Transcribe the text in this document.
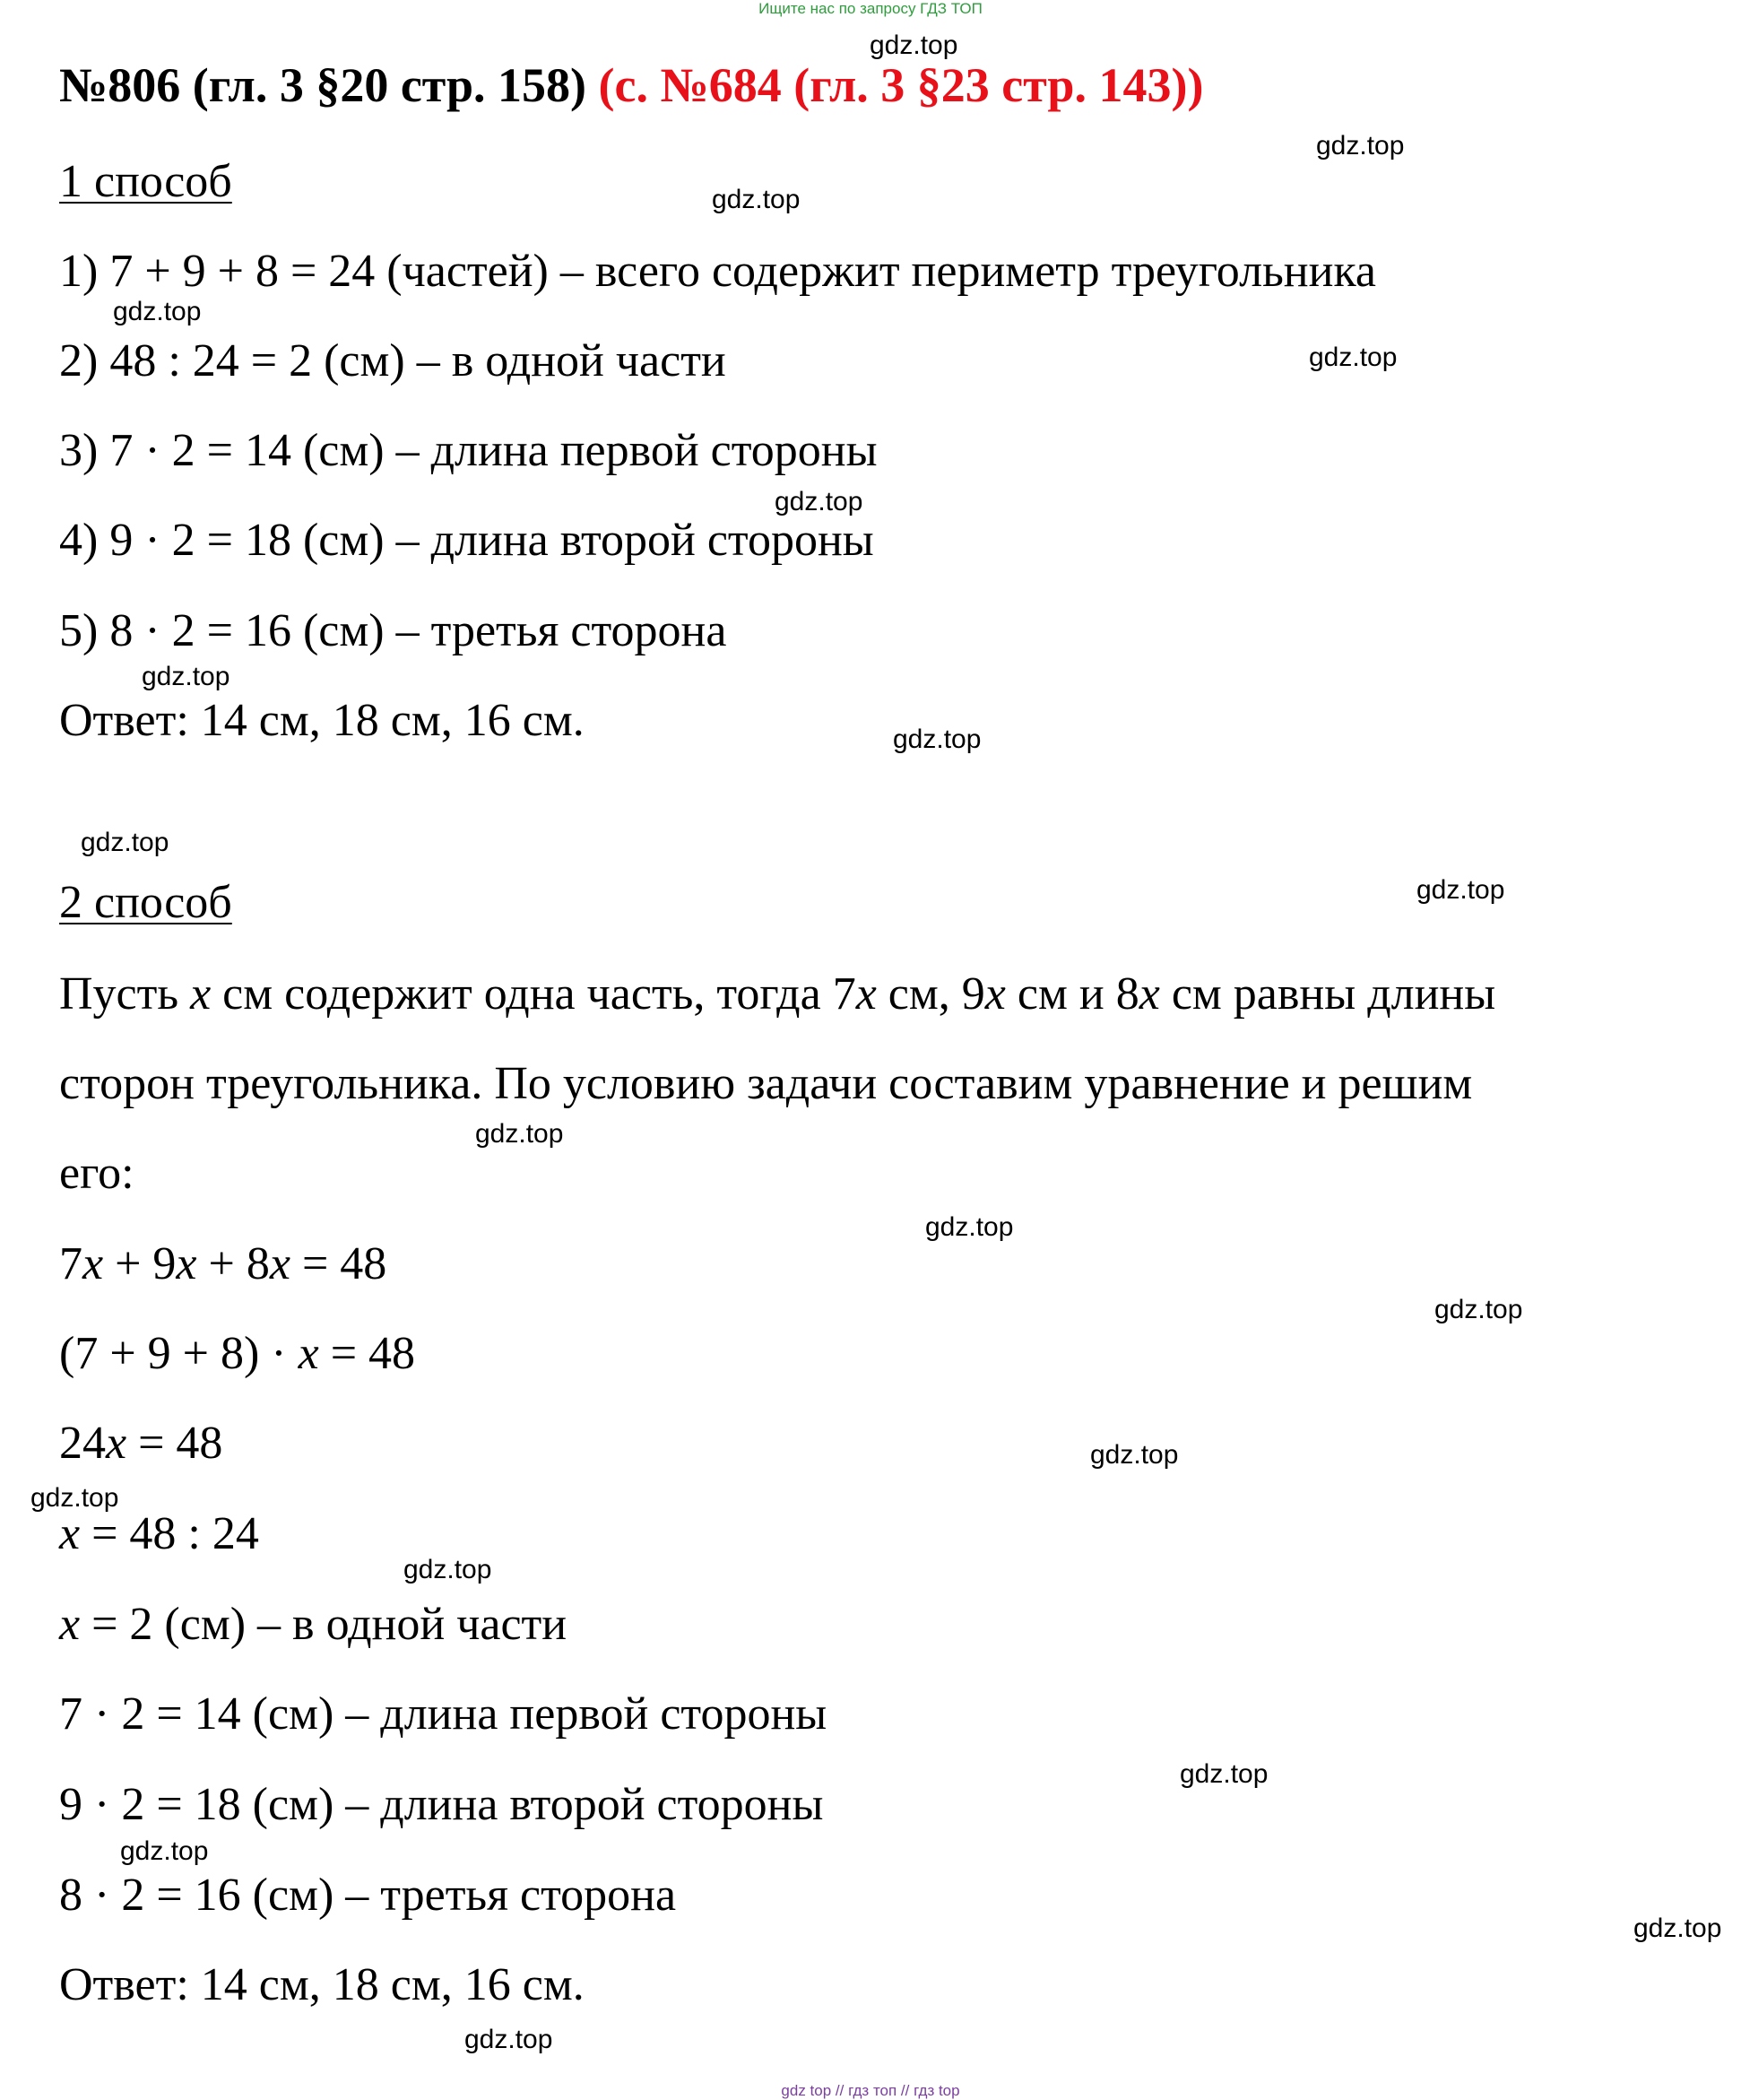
Ищите нас по запросу ГДЗ ТОП
№806 (гл. 3 §20 стр. 158) (с. №684 (гл. 3 §23 стр. 143))
1 способ
1) 7 + 9 + 8 = 24 (частей) – всего содержит периметр треугольника
2) 48 : 24 = 2 (см) – в одной части
3) 7 · 2 = 14 (см) – длина первой стороны
4) 9 · 2 = 18 (см) – длина второй стороны
5) 8 · 2 = 16 (см) – третья сторона
Ответ: 14 см, 18 см, 16 см.
2 способ
Пусть x см содержит одна часть, тогда 7x см, 9x см и 8x см равны длины
сторон треугольника. По условию задачи составим уравнение и решим
его:
7x + 9x + 8x = 48
(7 + 9 + 8) · x = 48
24x = 48
x = 48 : 24
x = 2 (см) – в одной части
7 · 2 = 14 (см) – длина первой стороны
9 · 2 = 18 (см) – длина второй стороны
8 · 2 = 16 (см) – третья сторона
Ответ: 14 см, 18 см, 16 см.
gdz.top
gdz.top
gdz.top
gdz.top
gdz.top
gdz.top
gdz.top
gdz.top
gdz.top
gdz.top
gdz.top
gdz.top
gdz.top
gdz.top
gdz.top
gdz.top
gdz.top
gdz.top
gdz.top
gdz.top
gdz top // гдз топ // гдз top
